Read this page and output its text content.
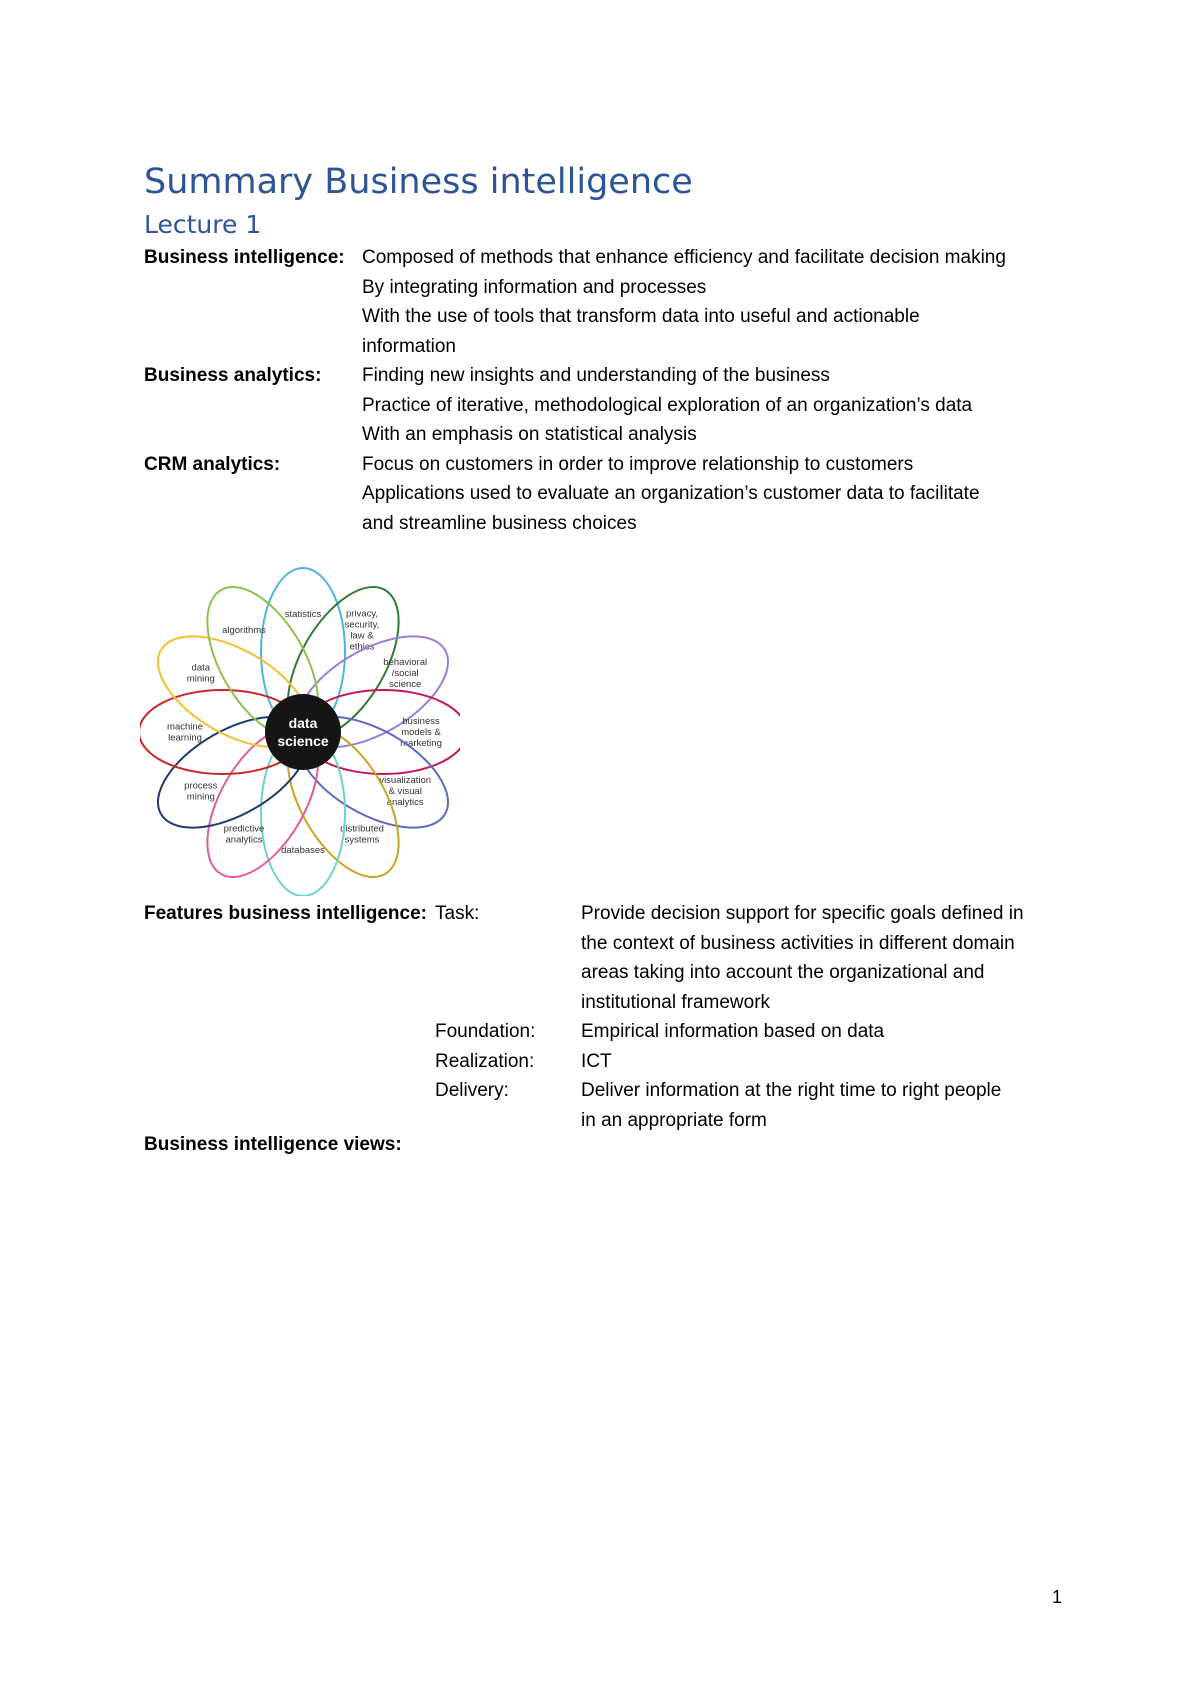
Summary Business intelligence
Lecture 1
Business intelligence: Composed of methods that enhance efficiency and facilitate decision making
By integrating information and processes
With the use of tools that transform data into useful and actionable
information
Business analytics:	Finding new insights and understanding of the business
Practice of iterative, methodological exploration of an organization’s data
With an emphasis on statistical analysis
CRM analytics:	Focus on customers in order to improve relationship to customers
Applications used to evaluate an organization’s customer data to facilitate
and streamline business choices
statistics	privacy, security, law & ethics
behavioral /social science
business models & marketing
visualization & visual analytics
distributed systems
databases
predictive analytics
process mining
machine learning
data mining
algorithms
data science
Features business intelligence: Task:	Provide decision support for specific goals defined in
the context of business activities in different domain
areas taking into account the organizational and
institutional framework
Foundation:	Empirical information based on data
Realization:	ICT
Delivery:	Deliver information at the right time to right people
in an appropriate form
Business intelligence views:
1
